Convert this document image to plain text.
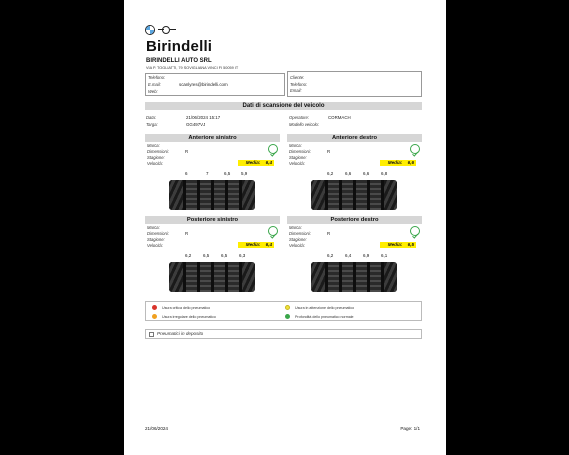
Birindelli
BIRINDELLI AUTO SRL
VIA P. TOGLIATTI, 79 SOVIGLIANA VINCI FI 50059 IT
Telefono:
E.mail:	scanlyres@birindelli.com
Web:
Cliente:
Telefono:
Email:
Dati di scansione del veicolo
Data:	21/06/2024 15:17
Targa:	GG497VJ
Operatore:	CORMACH
Modello veicolo:
Anteriore sinistro
Marca:
Dimensioni:	R
Stagione:
Velocità:	Media: 6,4
6	7	6,5 5,9
Anteriore destro
Marca:
Dimensioni:	R
Stagione:
Velocità:	Media: 6,6
6,2	6,6	6,6	6,8
Posteriore sinistro
Marca:
Dimensioni:	R
Stagione:
Velocità:	Media: 6,4
6,2	6,5	6,5	6,3
Posteriore destro
Marca:
Dimensioni:	R
Stagione:
Velocità:	Media: 6,5
6,2	6,4	6,9	6,1
Usura critica dello pneumatico
Usura irregolare dello pneumatico
Usura in attenzione dello pneumatico
Profondità dello pneumatico normale
Pneumatici in deposito
21/06/2024	Page: 1/1
